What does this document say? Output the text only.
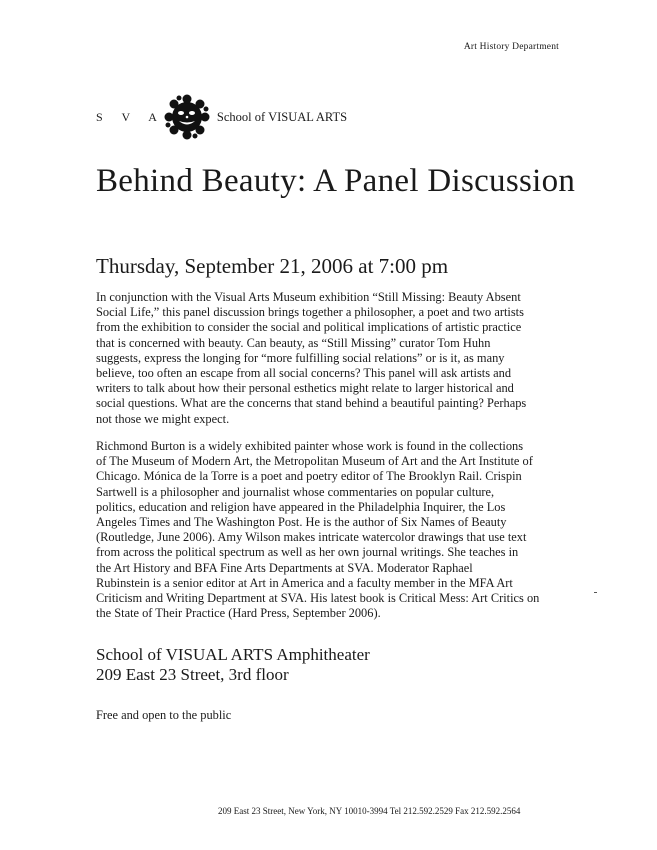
Art History Department
S V A	School of VISUAL ARTS
Behind Beauty: A Panel Discussion
Thursday, September 21, 2006 at 7:00 pm
In conjunction with the Visual Arts Museum exhibition “Still Missing: Beauty Absent
Social Life,” this panel discussion brings together a philosopher, a poet and two artists
from the exhibition to consider the social and political implications of artistic practice
that is concerned with beauty. Can beauty, as “Still Missing” curator Tom Huhn
suggests, express the longing for “more fulfilling social relations” or is it, as many
believe, too often an escape from all social concerns? This panel will ask artists and
writers to talk about how their personal esthetics might relate to larger historical and
social questions. What are the concerns that stand behind a beautiful painting? Perhaps
not those we might expect.
Richmond Burton is a widely exhibited painter whose work is found in the collections
of The Museum of Modern Art, the Metropolitan Museum of Art and the Art Institute of
Chicago. Mónica de la Torre is a poet and poetry editor of The Brooklyn Rail. Crispin
Sartwell is a philosopher and journalist whose commentaries on popular culture,
politics, education and religion have appeared in the Philadelphia Inquirer, the Los
Angeles Times and The Washington Post. He is the author of Six Names of Beauty
(Routledge, June 2006). Amy Wilson makes intricate watercolor drawings that use text
from across the political spectrum as well as her own journal writings. She teaches in
the Art History and BFA Fine Arts Departments at SVA. Moderator Raphael
Rubinstein is a senior editor at Art in America and a faculty member in the MFA Art
Criticism and Writing Department at SVA. His latest book is Critical Mess: Art Critics on
the State of Their Practice (Hard Press, September 2006).
School of VISUAL ARTS Amphitheater
209 East 23 Street, 3rd floor
Free and open to the public
209 East 23 Street, New York, NY 10010-3994 Tel 212.592.2529 Fax 212.592.2564
